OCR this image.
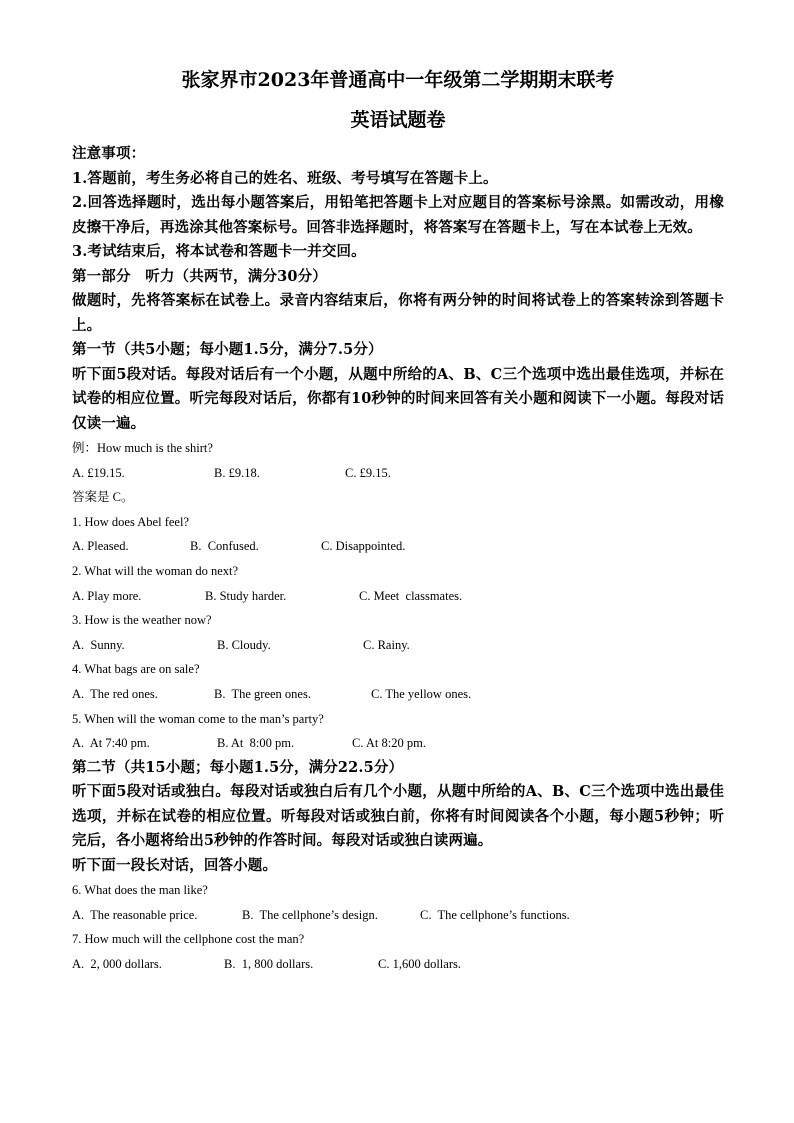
张家界市2023年普通高中一年级第二学期期末联考

英语试题卷

注意事项：

1.答题前，考生务必将自己的姓名、班级、考号填写在答题卡上。

2.回答选择题时，选出每小题答案后，用铅笔把答题卡上对应题目的答案标号涂黑。如需改动，用橡皮擦干净后，再选涂其他答案标号。回答非选择题时，将答案写在答题卡上，写在本试卷上无效。

3.考试结束后，将本试卷和答题卡一并交回。

第一部分　听力（共两节，满分30分）

做题时，先将答案标在试卷上。录音内容结束后，你将有两分钟的时间将试卷上的答案转涂到答题卡上。

第一节（共5小题；每小题1.5分，满分7.5分）

听下面5段对话。每段对话后有一个小题，从题中所给的A、B、C三个选项中选出最佳选项，并标在试卷的相应位置。听完每段对话后，你都有10秒钟的时间来回答有关小题和阅读下一小题。每段对话仅读一遍。

例：How much is the shirt?

A. £19.15.	B. £9.18.	C. £9.15.

答案是 C。

1. How does Abel feel?

A. Pleased.	B.  Confused.	C. Disappointed.

2. What will the woman do next?

A. Play more.	B. Study harder.	C. Meet  classmates.

3. How is the weather now?

A.  Sunny.	B. Cloudy.	C. Rainy.

4. What bags are on sale?

A.  The red ones.	B.  The green ones.	C. The yellow ones.

5. When will the woman come to the man’s party?

A.  At 7:40 pm.	B. At  8:00 pm.	C. At 8:20 pm.

第二节（共15小题；每小题1.5分，满分22.5分）

听下面5段对话或独白。每段对话或独白后有几个小题，从题中所给的A、B、C三个选项中选出最佳选项，并标在试卷的相应位置。听每段对话或独白前，你将有时间阅读各个小题，每小题5秒钟；听完后，各小题将给出5秒钟的作答时间。每段对话或独白读两遍。

听下面一段长对话，回答小题。

6. What does the man like?

A.  The reasonable price.	B.  The cellphone’s design.	C.  The cellphone’s functions.

7. How much will the cellphone cost the man?

A.  2, 000 dollars.	B.  1, 800 dollars.	C. 1,600 dollars.
